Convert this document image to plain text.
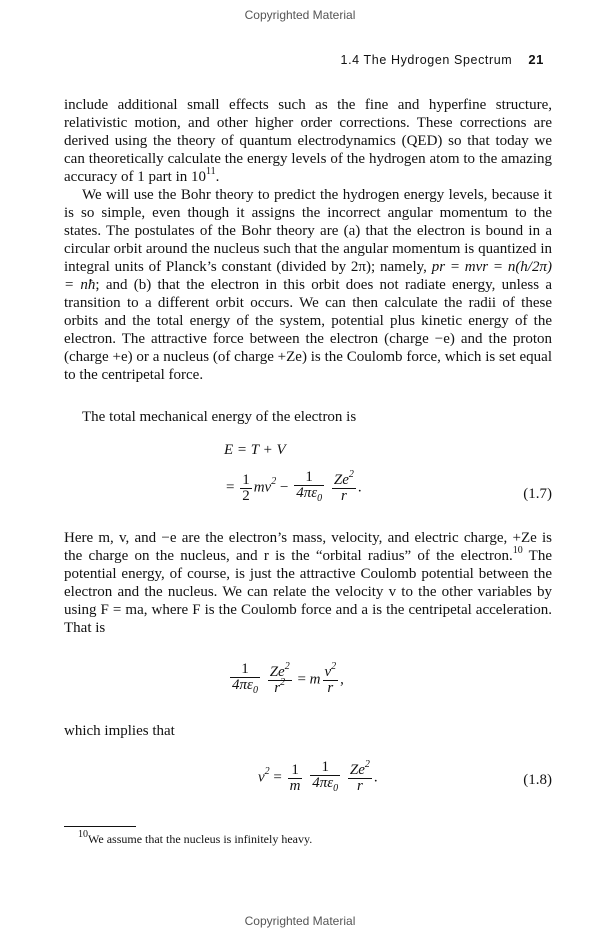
Copyrighted Material
1.4 The Hydrogen Spectrum 21

include additional small effects such as the fine and hyperfine structure, relativistic motion, and other higher order corrections. These corrections are derived using the theory of quantum electrodynamics (QED) so that today we can theoretically calculate the energy levels of the hydrogen atom to the amazing accuracy of 1 part in $10^{11}$.

We will use the Bohr theory to predict the hydrogen energy levels, because it is so simple, even though it assigns the incorrect angular momentum to the states. The postulates of the Bohr theory are (a) that the electron is bound in a circular orbit around the nucleus such that the angular momentum is quantized in integral units of Planck’s constant (divided by 2π); namely, pr = mvr = n(h/2π) = nħ; and (b) that the electron in this orbit does not radiate energy, unless a transition to a different orbit occurs. We can then calculate the radii of these orbits and the total energy of the system, potential plus kinetic energy of the electron. The attractive force between the electron (charge −e) and the proton (charge +e) or a nucleus (of charge +Ze) is the Coulomb force, which is set equal to the centripetal force.

The total mechanical energy of the electron is

E = T + V
= $\frac{1}{2} mv^2 - \frac{1}{4\pi\varepsilon_0}$
$\frac{Ze^2}{r}$ .	(1.7)

Here m, v, and −e are the electron’s mass, velocity, and electric charge, +Ze is the charge on the nucleus, and r is the “orbital radius” of the electron.$^{10}$ The potential energy, of course, is just the attractive Coulomb potential between the electron and the nucleus. We can relate the velocity v to the other variables by using F = ma, where F is the Coulomb force and a is the centripetal acceleration. That is

$\frac{1}{4\pi\varepsilon_0}$
$\frac{Ze^2}{r^2} = m \frac{v^2}{r}$ ,

which implies that

$v^2 = \frac{1}{m}$
$\frac{1}{4\pi\varepsilon_0}$
$\frac{Ze^2}{r}$ .	(1.8)
$^{10}$We assume that the nucleus is infinitely heavy.
Copyrighted Material
